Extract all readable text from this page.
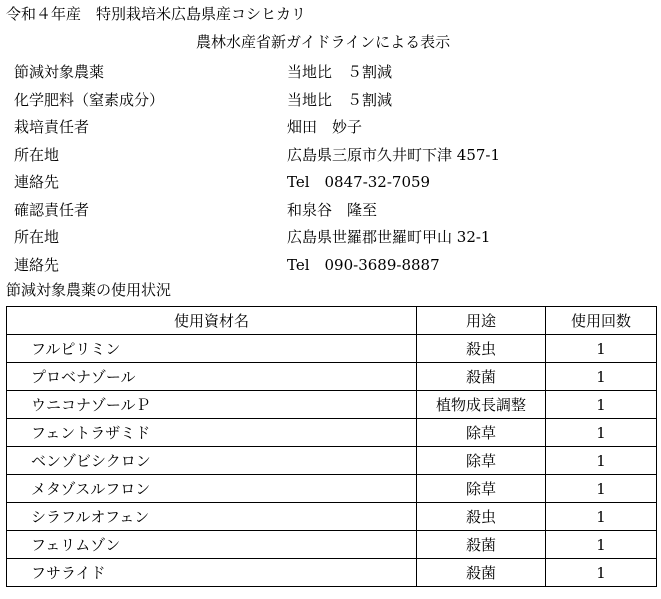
令和４年産　特別栽培米広島県産コシヒカリ
農林水産省新ガイドラインによる表示
節減対象農薬	当地比　５割減
化学肥料（窒素成分）	当地比　５割減
栽培責任者	畑田　妙子
所在地	広島県三原市久井町下津 457-1
連絡先	Tel　0847-32-7059
確認責任者	和泉谷　隆至
所在地	広島県世羅郡世羅町甲山 32-1
連絡先	Tel　090-3689-8887
節減対象農薬の使用状況
使用資材名	用途	使用回数
フルピリミン	殺虫	1
プロベナゾール	殺菌	1
ウニコナゾールＰ	植物成長調整	1
フェントラザミド	除草	1
ベンゾビシクロン	除草	1
メタゾスルフロン	除草	1
シラフルオフェン	殺虫	1
フェリムゾン	殺菌	1
フサライド	殺菌	1
